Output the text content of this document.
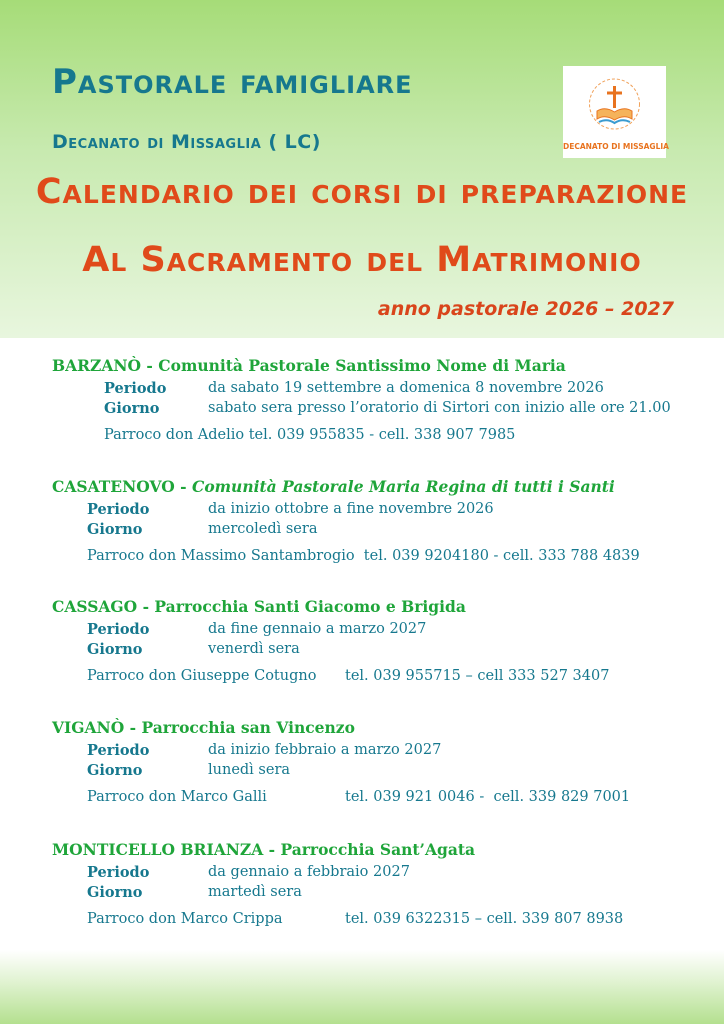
Pastorale famigliare
Decanato di Missaglia ( LC)
Calendario dei corsi di preparazione
Al Sacramento del Matrimonio
anno pastorale 2026 – 2027
DECANATO DI MISSAGLIA
BARZANÒ - Comunità Pastorale Santissimo Nome di Maria
Periodo	da sabato 19 settembre a domenica 8 novembre 2026
Giorno	sabato sera presso l’oratorio di Sirtori con inizio alle ore 21.00
Parroco don Adelio tel. 039 955835 - cell. 338 907 7985
CASATENOVO - Comunità Pastorale Maria Regina di tutti i Santi
Periodo	da inizio ottobre a fine novembre 2026
Giorno	mercoledì sera
Parroco don Massimo Santambrogio  tel. 039 9204180 - cell. 333 788 4839
CASSAGO - Parrocchia Santi Giacomo e Brigida
Periodo	da fine gennaio a marzo 2027
Giorno	venerdì sera
Parroco don Giuseppe Cotugno tel. 039 955715 – cell 333 527 3407
VIGANÒ - Parrocchia san Vincenzo
Periodo	da inizio febbraio a marzo 2027
Giorno	lunedì sera
Parroco don Marco Galli	tel. 039 921 0046 -  cell. 339 829 7001
MONTICELLO BRIANZA - Parrocchia Sant’Agata
Periodo	da gennaio a febbraio 2027
Giorno	martedì sera
Parroco don Marco Crippa	tel. 039 6322315 – cell. 339 807 8938
